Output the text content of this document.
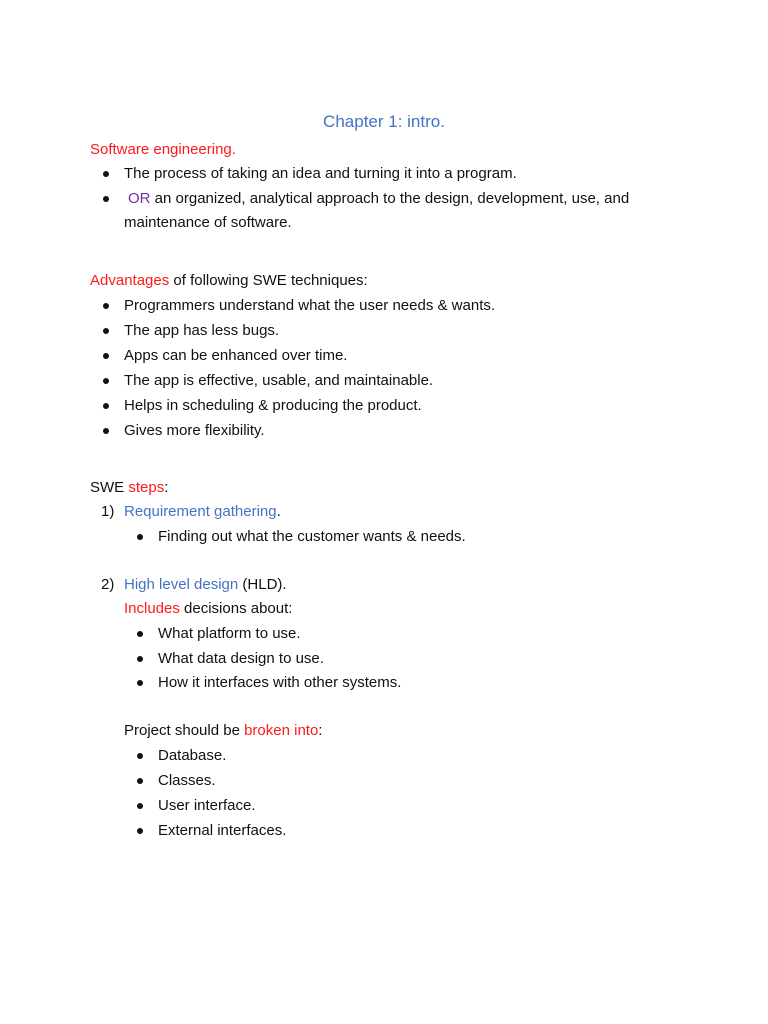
Chapter 1: intro.
Software engineering.
The process of taking an idea and turning it into a program.
OR an organized, analytical approach to the design, development, use, and
maintenance of software.
Advantages of following SWE techniques:
Programmers understand what the user needs & wants.
The app has less bugs.
Apps can be enhanced over time.
The app is effective, usable, and maintainable.
Helps in scheduling & producing the product.
Gives more flexibility.
SWE steps:
1) Requirement gathering.
Finding out what the customer wants & needs.
2) High level design (HLD).
Includes decisions about:
What platform to use.
What data design to use.
How it interfaces with other systems.
Project should be broken into:
Database.
Classes.
User interface.
External interfaces.
